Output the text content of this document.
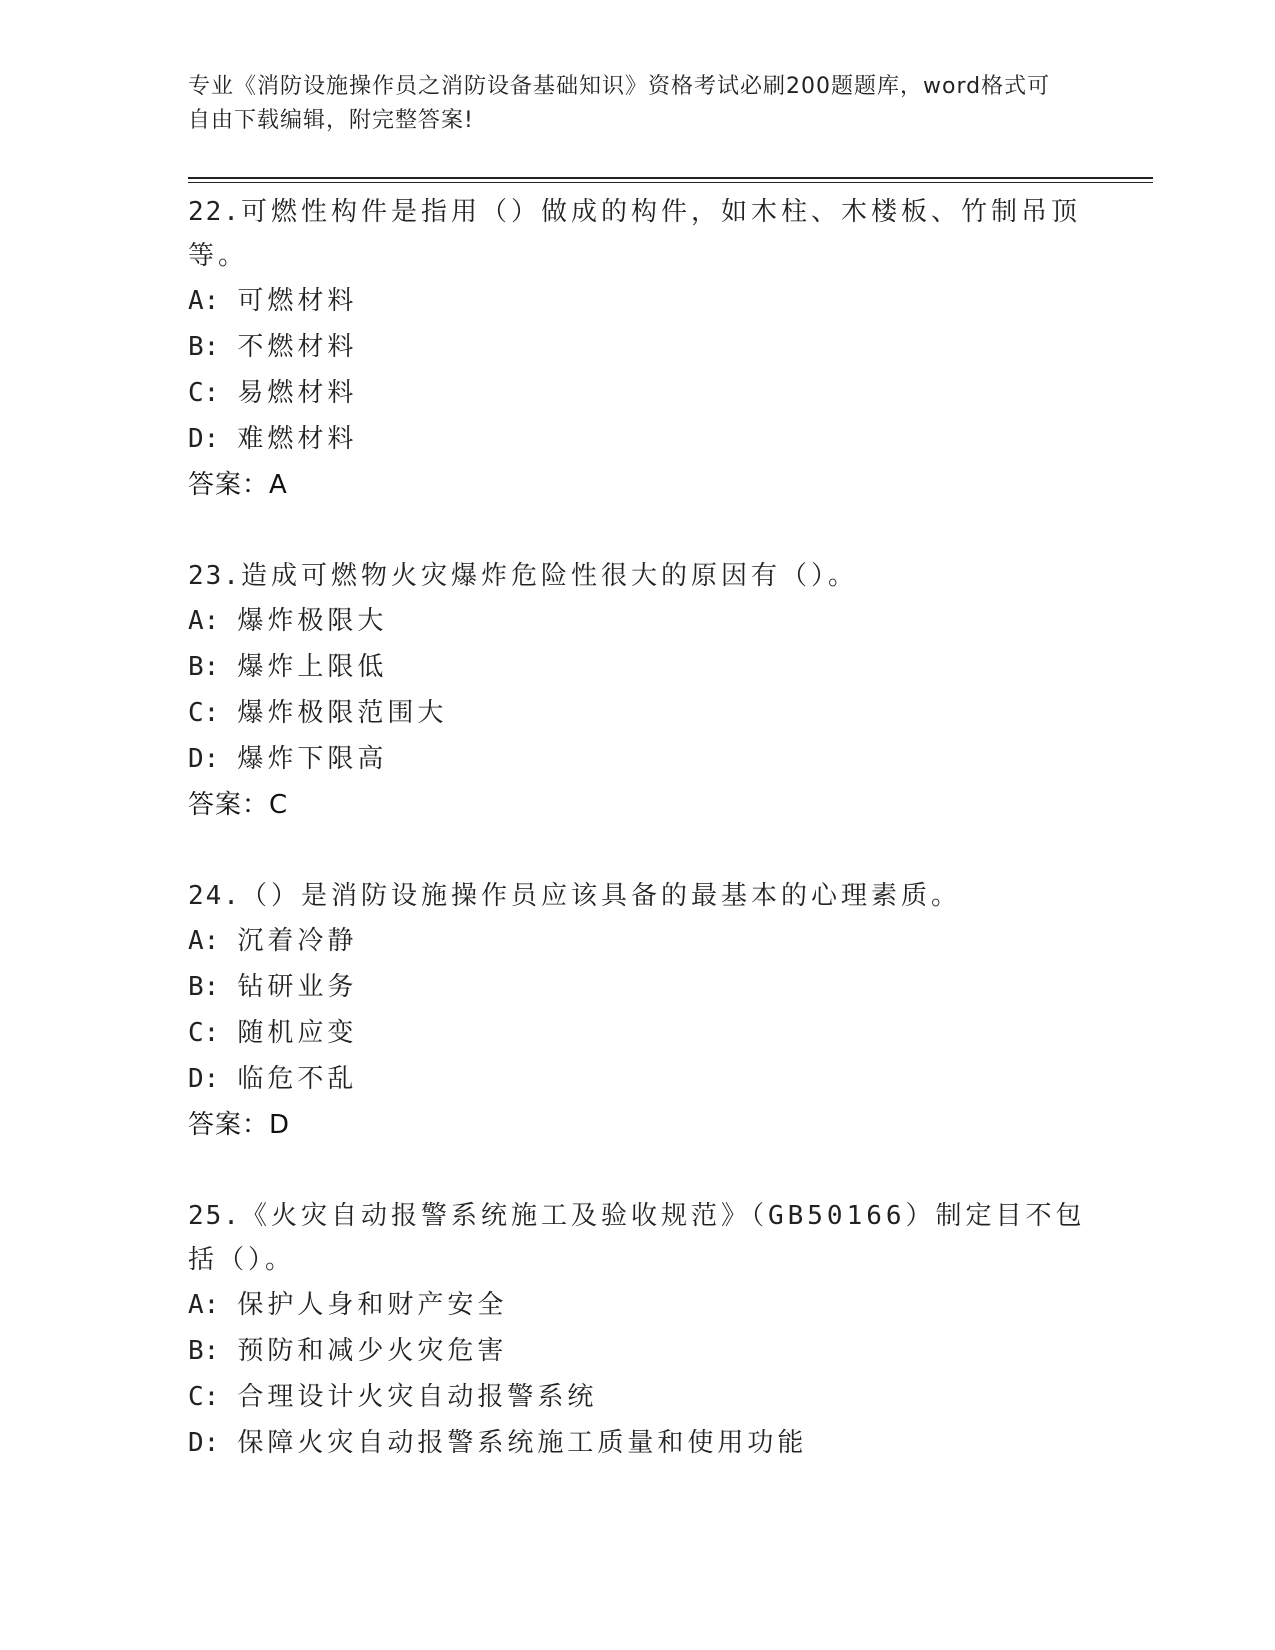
专业《消防设施操作员之消防设备基础知识》资格考试必刷200题题库，word格式可自由下载编辑，附完整答案!
22.可燃性构件是指用（）做成的构件，如木柱、木楼板、竹制吊顶等。
A: 可燃材料
B: 不燃材料
C: 易燃材料
D: 难燃材料
答案：A
23.造成可燃物火灾爆炸危险性很大的原因有（）。
A: 爆炸极限大
B: 爆炸上限低
C: 爆炸极限范围大
D: 爆炸下限高
答案：C
24.（）是消防设施操作员应该具备的最基本的心理素质。
A: 沉着冷静
B: 钻研业务
C: 随机应变
D: 临危不乱
答案：D
25.《火灾自动报警系统施工及验收规范》（GB50166）制定目不包括（）。
A: 保护人身和财产安全
B: 预防和减少火灾危害
C: 合理设计火灾自动报警系统
D: 保障火灾自动报警系统施工质量和使用功能
